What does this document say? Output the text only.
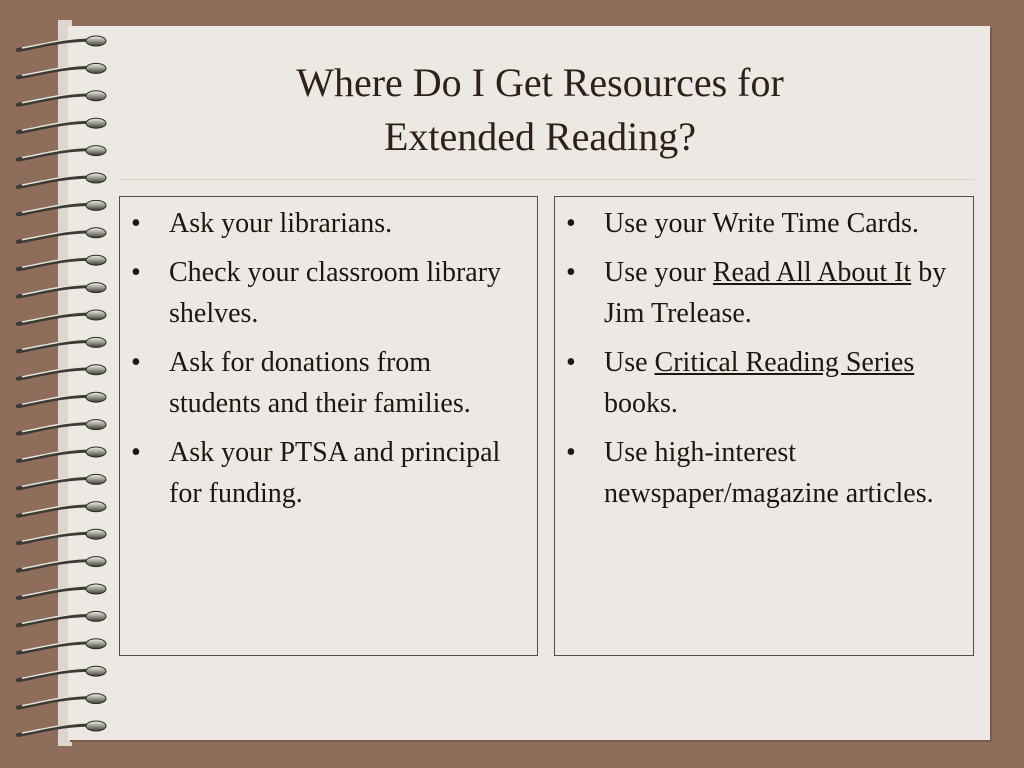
Where Do I Get Resources for
Extended Reading?
• Ask your librarians.
• Check your classroom library shelves.
• Ask for donations from students and their families.
• Ask your PTSA and principal for funding.
• Use your Write Time Cards.
• Use your Read All About It by Jim Trelease.
• Use Critical Reading Series books.
• Use high-interest newspaper/magazine articles.
